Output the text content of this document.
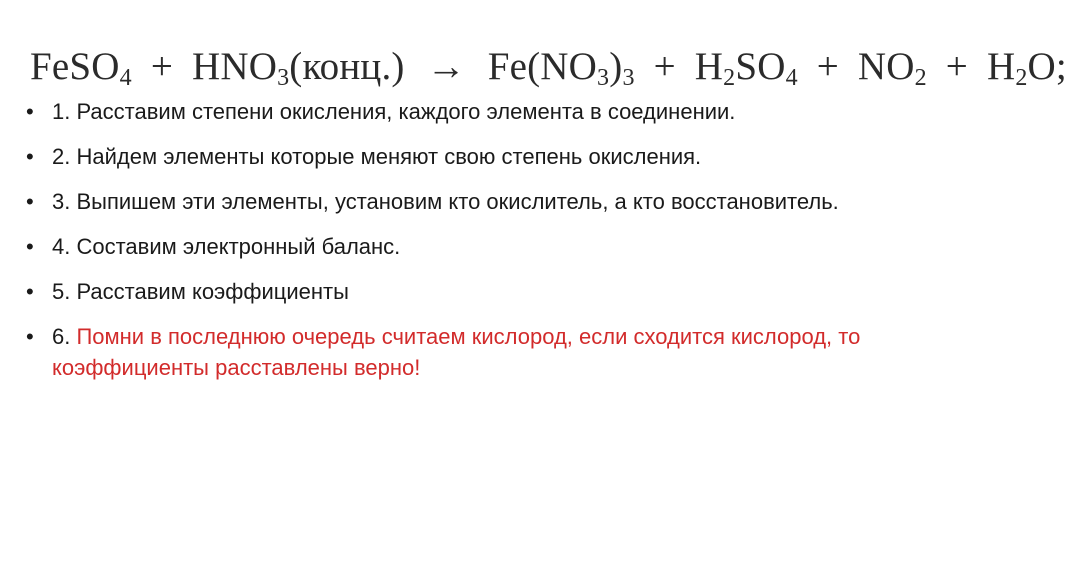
FeSO$_4$ + $HNO_3(конц.) \to Fe(NO_3)_3 + H_2SO_4 + NO_2 + H_2O$;
• 1. Расставим степени окисления, каждого элемента в соединении.
• 2. Найдем элементы которые меняют свою степень окисления.
• 3. Выпишем эти элементы, установим кто окислитель, а кто восстановитель.
• 4. Составим электронный баланс.
• 5. Расставим коэффициенты
• 6. Помни в последнюю очередь считаем кислород, если сходится кислород, то коэффициенты расставлены верно!
